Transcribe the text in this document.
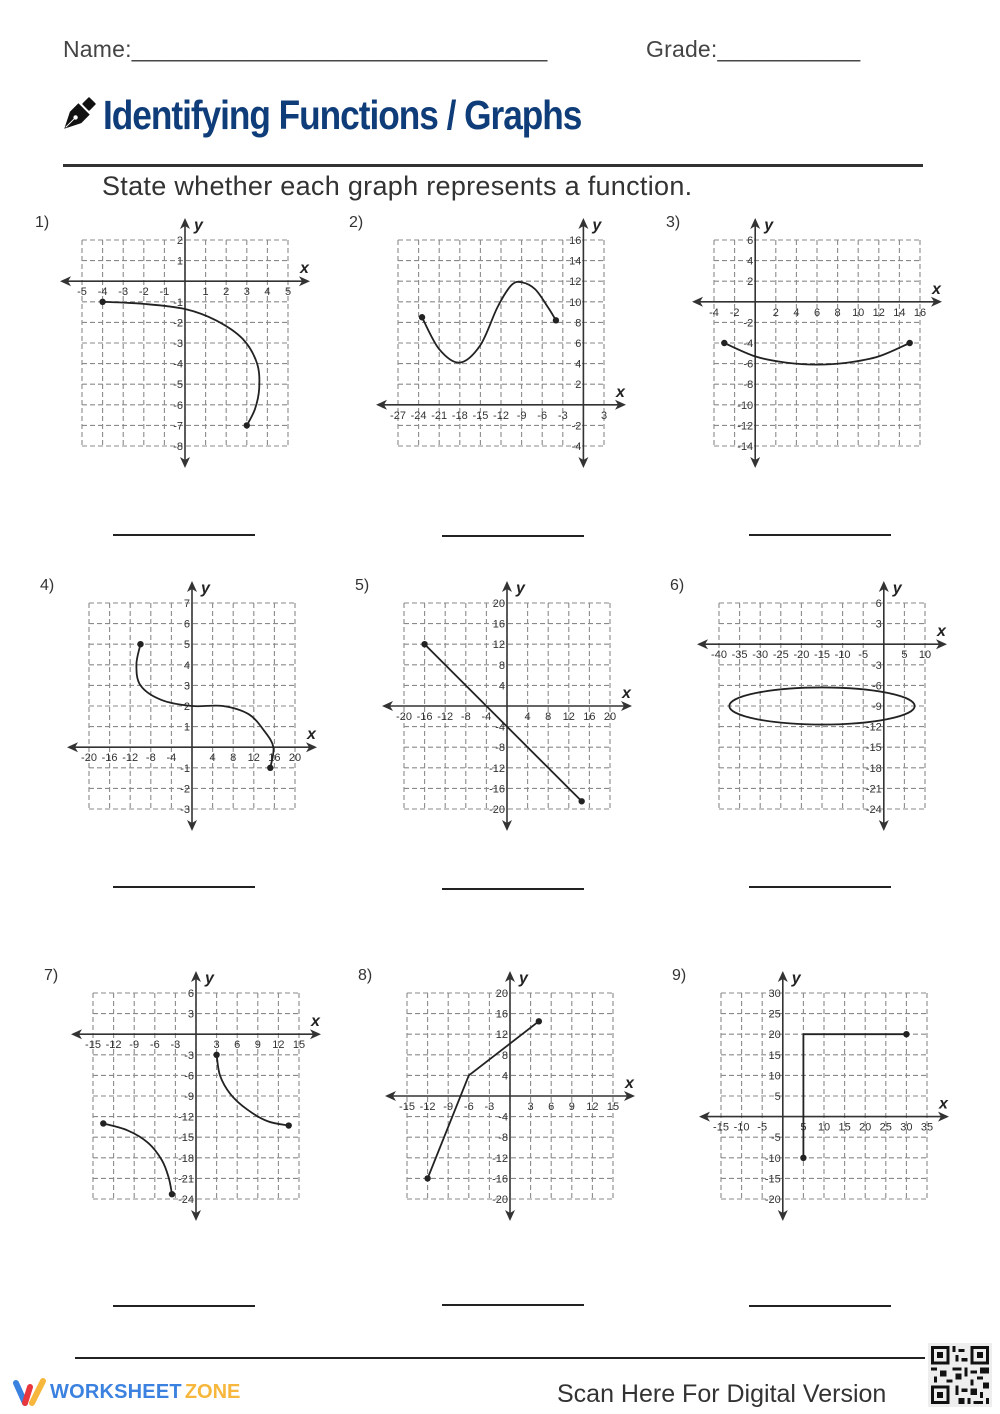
Name:________________________________	Grade:___________
Identifying Functions / Graphs
State whether each graph represents a function.
1)
x
y
-5 -4 -3 -2 -1	1 2 3 4 5
2
1
-1
-2
-3
-4
-5
-6
-7
-8
2)
x
y
-27 -24 -21 -18 -15 -12 -9 -6 -3	3
16
14
12
10
8
6
4
2
-2
-4
3)
x
y
-4 -2	2 4 6 8 10 12 14 16
6
4
2
-2
-4
-6
-8
-10
-12
-14
4)
x
y
-20 -16 -12 -8 -4	4 8 12 16 20
7
6
5
4
3
2
1
-1
-2
-3
5)
x
y
-20 -16 -12 -8 -4	4 8 12 16 20
20
16
12
8
4
-4
-8
-12
-16
-20
6)
x
y
-40 -35 -30 -25 -20 -15 -10 -5	5 10
6
3
-3
-6
-9
-12
-15
-18
-21
-24
7)
x
y
-15 -12 -9 -6 -3	3 6 9 12 15
6
3
-3
-6
-9
-12
-15
-18
-21
-24
8)
x
y
-15 -12 -9 -6 -3	3 6 9 12 15
20
16
12
8
4
-4
-8
-12
-16
-20
9)
x
y
-15 -10 -5	5 10 15 20 25 30 35
30
25
20
15
10
5
-5
-10
-15
-20
WORKSHEET ZONE	Scan Here For Digital Version
